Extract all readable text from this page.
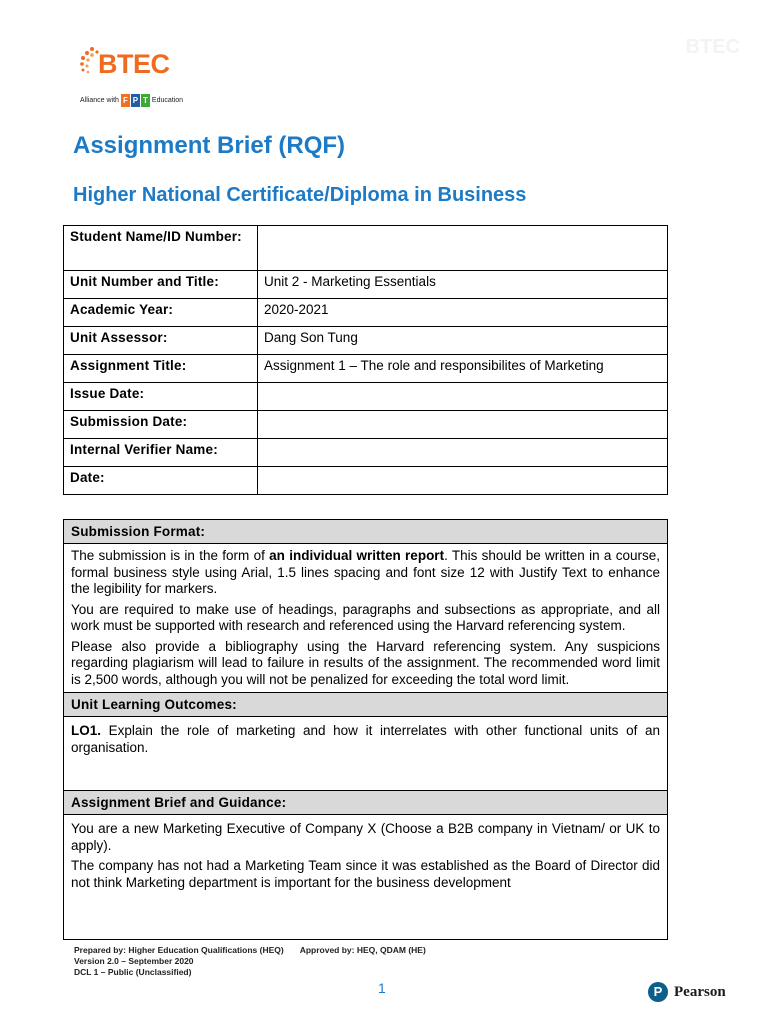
BTEC
Alliance with F P T Education
BTEC
Assignment Brief (RQF)
Higher National Certificate/Diploma in Business
Student Name/ID Number:	
Unit Number and Title:	Unit 2 - Marketing Essentials
Academic Year:	2020-2021
Unit Assessor:	Dang Son Tung
Assignment Title:	Assignment 1 – The role and responsibilites of Marketing
Issue Date:	
Submission Date:	
Internal Verifier Name:	
Date:	
Submission Format:

The submission is in the form of an individual written report. This should be written in a course, formal business style using Arial, 1.5 lines spacing and font size 12 with Justify Text to enhance the legibility for markers.

You are required to make use of headings, paragraphs and subsections as appropriate, and all work must be supported with research and referenced using the Harvard referencing system.

Please also provide a bibliography using the Harvard referencing system. Any suspicions regarding plagiarism will lead to failure in results of the assignment. The recommended word limit is 2,500 words, although you will not be penalized for exceeding the total word limit.

Unit Learning Outcomes:

LO1. Explain the role of marketing and how it interrelates with other functional units of an organisation.

Assignment Brief and Guidance:

You are a new Marketing Executive of Company X (Choose a B2B company in Vietnam/ or UK to apply).

The company has not had a Marketing Team since it was established as the Board of Director did not think Marketing department is important for the business development

Prepared by: Higher Education Qualifications (HEQ) Approved by: HEQ, QDAM (HE)
Version 2.0 – September 2020
DCL 1 – Public (Unclassified)
1	P Pearson
